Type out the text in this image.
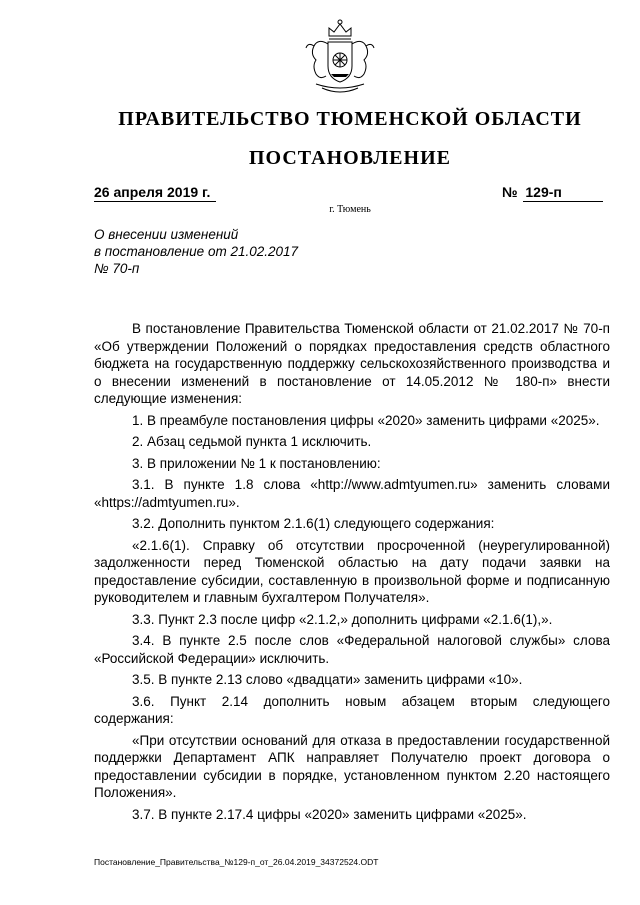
ПРАВИТЕЛЬСТВО ТЮМЕНСКОЙ ОБЛАСТИ
ПОСТАНОВЛЕНИЕ
26 апреля 2019 г.	№  129-п
г. Тюмень
О внесении изменений
в постановление от 21.02.2017
№ 70-п

В постановление Правительства Тюменской области от 21.02.2017 № 70-п «Об утверждении Положений о порядках предоставления средств областного бюджета на государственную поддержку сельскохозяйственного производства и о внесении изменений в постановление от 14.05.2012 № 180-п» внести следующие изменения:

1. В преамбуле постановления цифры «2020» заменить цифрами «2025».

2. Абзац седьмой пункта 1 исключить.

3. В приложении № 1 к постановлению:

3.1. В пункте 1.8 слова «http://www.admtyumen.ru» заменить словами «https://admtyumen.ru».

3.2. Дополнить пунктом 2.1.6(1) следующего содержания:

«2.1.6(1). Справку об отсутствии просроченной (неурегулированной) задолженности перед Тюменской областью на дату подачи заявки на предоставление субсидии, составленную в произвольной форме и подписанную руководителем и главным бухгалтером Получателя».

3.3. Пункт 2.3 после цифр «2.1.2,» дополнить цифрами «2.1.6(1),».

3.4. В пункте 2.5 после слов «Федеральной налоговой службы» слова «Российской Федерации» исключить.

3.5. В пункте 2.13 слово «двадцати» заменить цифрами «10».

3.6. Пункт 2.14 дополнить новым абзацем вторым следующего содержания:

«При отсутствии оснований для отказа в предоставлении государственной поддержки Департамент АПК направляет Получателю проект договора о предоставлении субсидии в порядке, установленном пунктом 2.20 настоящего Положения».

3.7. В пункте 2.17.4 цифры «2020» заменить цифрами «2025».

Постановление_Правительства_№129-п_от_26.04.2019_34372524.ODT
